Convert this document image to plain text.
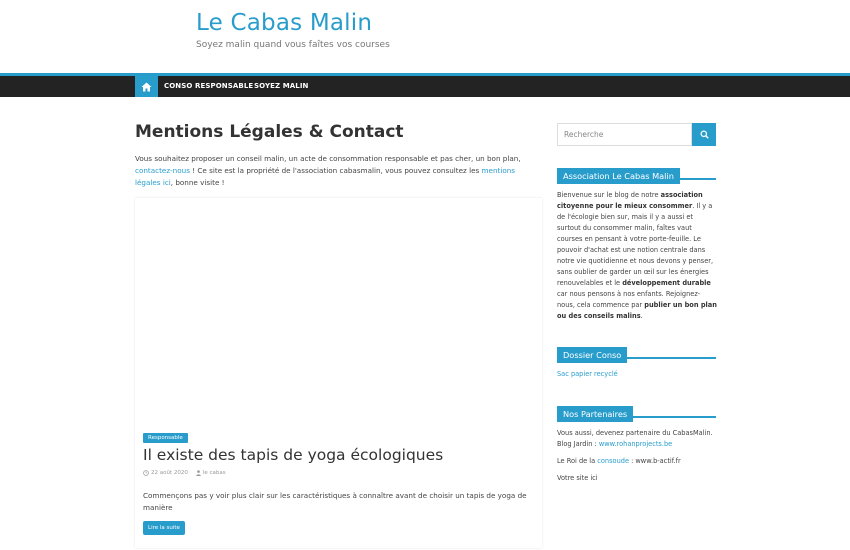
Le Cabas Malin
Soyez malin quand vous faîtes vos courses
CONSO RESPONSABLE SOYEZ MALIN
Mentions Légales & Contact
Vous souhaitez proposer un conseil malin, un acte de consommation responsable et pas cher, un bon plan, contactez-nous ! Ce site est la propriété de l'association cabasmalin, vous pouvez consultez les mentions légales ici, bonne visite !
Responsable
Il existe des tapis de yoga écologiques
22 août 2020	le cabas
Commençons pas y voir plus clair sur les caractéristiques à connaître avant de choisir un tapis de yoga de manière
Lire la suite
Recherche
Association Le Cabas Malin
Bienvenue sur le blog de notre association citoyenne pour le mieux consommer. Il y a de l'écologie bien sur, mais il y a aussi et surtout du consommer malin, faîtes vaut courses en pensant à votre porte-feuille. Le pouvoir d'achat est une notion centrale dans notre vie quotidienne et nous devons y penser, sans oublier de garder un œil sur les énergies renouvelables et le développement durable car nous pensons à nos enfants. Rejoignez-nous, cela commence par publier un bon plan ou des conseils malins.
Dossier Conso
Sac papier recyclé
Nos Partenaires

Vous aussi, devenez partenaire du CabasMalin.
Blog Jardin : www.rohanprojects.be

Le Roi de la consoude : www.b-actif.fr

Votre site ici
